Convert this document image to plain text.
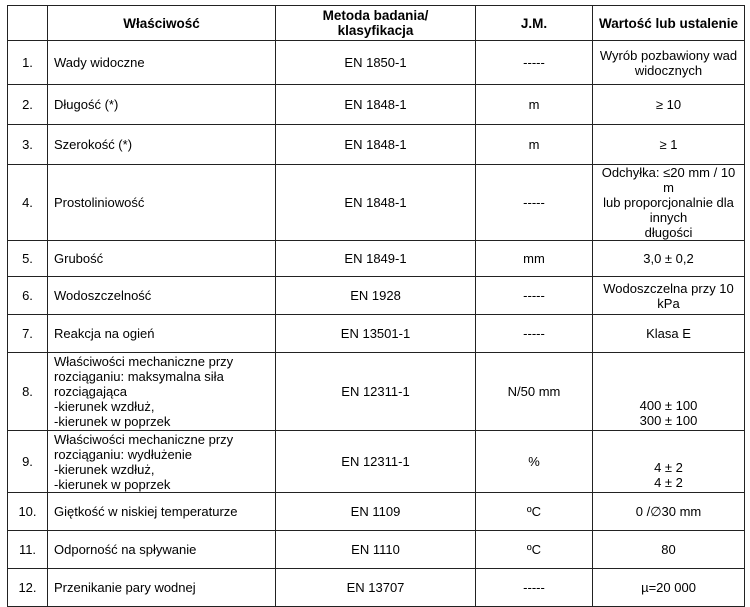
	Właściwość	Metoda badania/
klasyfikacja	J.M.	Wartość lub ustalenie
1.	Wady widoczne	EN 1850-1	-----	Wyrób pozbawiony wad
widocznych

2.	Długość (*)	EN 1848-1	m	≥ 10

3.	Szerokość (*)	EN 1848-1	m	≥ 1

4.	Prostoliniowość	EN 1848-1	-----	Odchyłka: ≤20 mm / 10 m
lub proporcjonalnie dla innych
długości

5.	Grubość	EN 1849-1	mm	3,0 ± 0,2

6.	Wodoszczelność	EN 1928	-----	Wodoszczelna przy 10 kPa

7.	Reakcja na ogień	EN 13501-1	-----	Klasa E

8.	Właściwości mechaniczne przy
rozciąganiu: maksymalna siła
rozciągająca
-kierunek wzdłuż,
-kierunek w poprzek	EN 12311-1	N/50 mm	400 ± 100
300 ± 100

9.	Właściwości mechaniczne przy
rozciąganiu: wydłużenie
-kierunek wzdłuż,
-kierunek w poprzek	EN 12311-1	%	4 ± 2
4 ± 2

10.	Giętkość w niskiej temperaturze	EN 1109	ºC	0 /∅30 mm

11.	Odporność na spływanie	EN 1110	ºC	80

12.	Przenikanie pary wodnej	EN 13707	-----	µ=20 000
